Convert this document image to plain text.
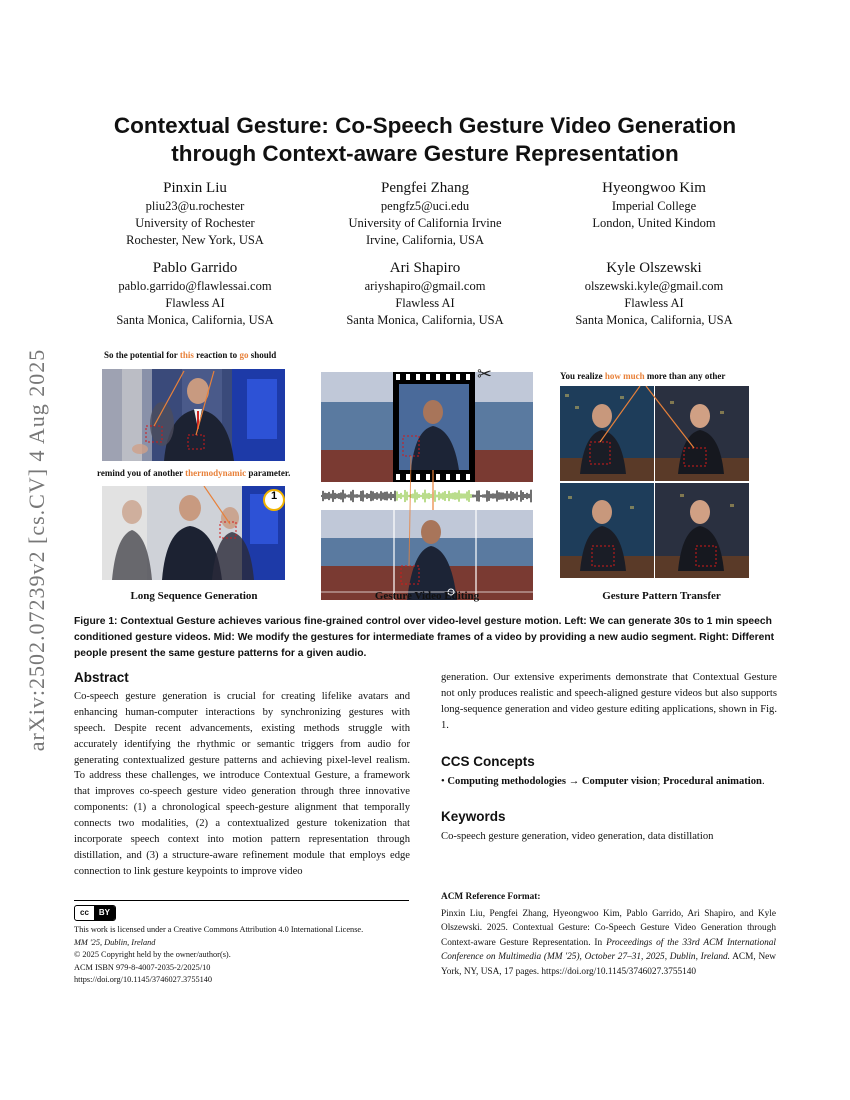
arXiv:2502.07239v2 [cs.CV] 4 Aug 2025
Contextual Gesture: Co-Speech Gesture Video Generation
through Context-aware Gesture Representation
Pinxin Liu
pliu23@u.rochester
University of Rochester
Rochester, New York, USA
Pengfei Zhang
pengfz5@uci.edu
University of California Irvine
Irvine, California, USA
Hyeongwoo Kim
Imperial College
London, United Kindom
Pablo Garrido
pablo.garrido@flawlessai.com
Flawless AI
Santa Monica, California, USA
Ari Shapiro
ariyshapiro@gmail.com
Flawless AI
Santa Monica, California, USA
Kyle Olszewski
olszewski.kyle@gmail.com
Flawless AI
Santa Monica, California, USA
So the potential for this reaction to go should
remind you of another thermodynamic parameter.
1
✂	You realize how much more than any other
Long Sequence Generation	Gesture Video Editing	Gesture Pattern Transfer
Figure 1: Contextual Gesture achieves various fine-grained control over video-level gesture motion. Left: We can generate 30s to 1 min speech conditioned gesture videos. Mid: We modify the gestures for intermediate frames of a video by providing a new audio segment. Right: Different people present the same gesture patterns for a given audio.
Abstract
Co-speech gesture generation is crucial for creating lifelike avatars and enhancing human-computer interactions by synchronizing gestures with speech. Despite recent advancements, existing methods struggle with accurately identifying the rhythmic or semantic triggers from audio for generating contextualized gesture patterns and achieving pixel-level realism. To address these challenges, we introduce Contextual Gesture, a framework that improves co-speech gesture video generation through three innovative components: (1) a chronological speech-gesture alignment that temporally connects two modalities, (2) a contextualized gesture tokenization that incorporate speech context into motion pattern representation through distillation, and (3) a structure-aware refinement module that employs edge connection to link gesture keypoints to improve video
generation. Our extensive experiments demonstrate that Contextual Gesture not only produces realistic and speech-aligned gesture videos but also supports long-sequence generation and video gesture editing applications, shown in Fig. 1.
CCS Concepts
• Computing methodologies → Computer vision; Procedural animation.
Keywords
Co-speech gesture generation, video generation, data distillation
cc	BY
This work is licensed under a Creative Commons Attribution 4.0 International License.
MM '25, Dublin, Ireland
© 2025 Copyright held by the owner/author(s).
ACM ISBN 979-8-4007-2035-2/2025/10
https://doi.org/10.1145/3746027.3755140
ACM Reference Format:
Pinxin Liu, Pengfei Zhang, Hyeongwoo Kim, Pablo Garrido, Ari Shapiro, and Kyle Olszewski. 2025. Contextual Gesture: Co-Speech Gesture Video Generation through Context-aware Gesture Representation. In Proceedings of the 33rd ACM International Conference on Multimedia (MM '25), October 27–31, 2025, Dublin, Ireland. ACM, New York, NY, USA, 17 pages. https://doi.org/10.1145/3746027.3755140
